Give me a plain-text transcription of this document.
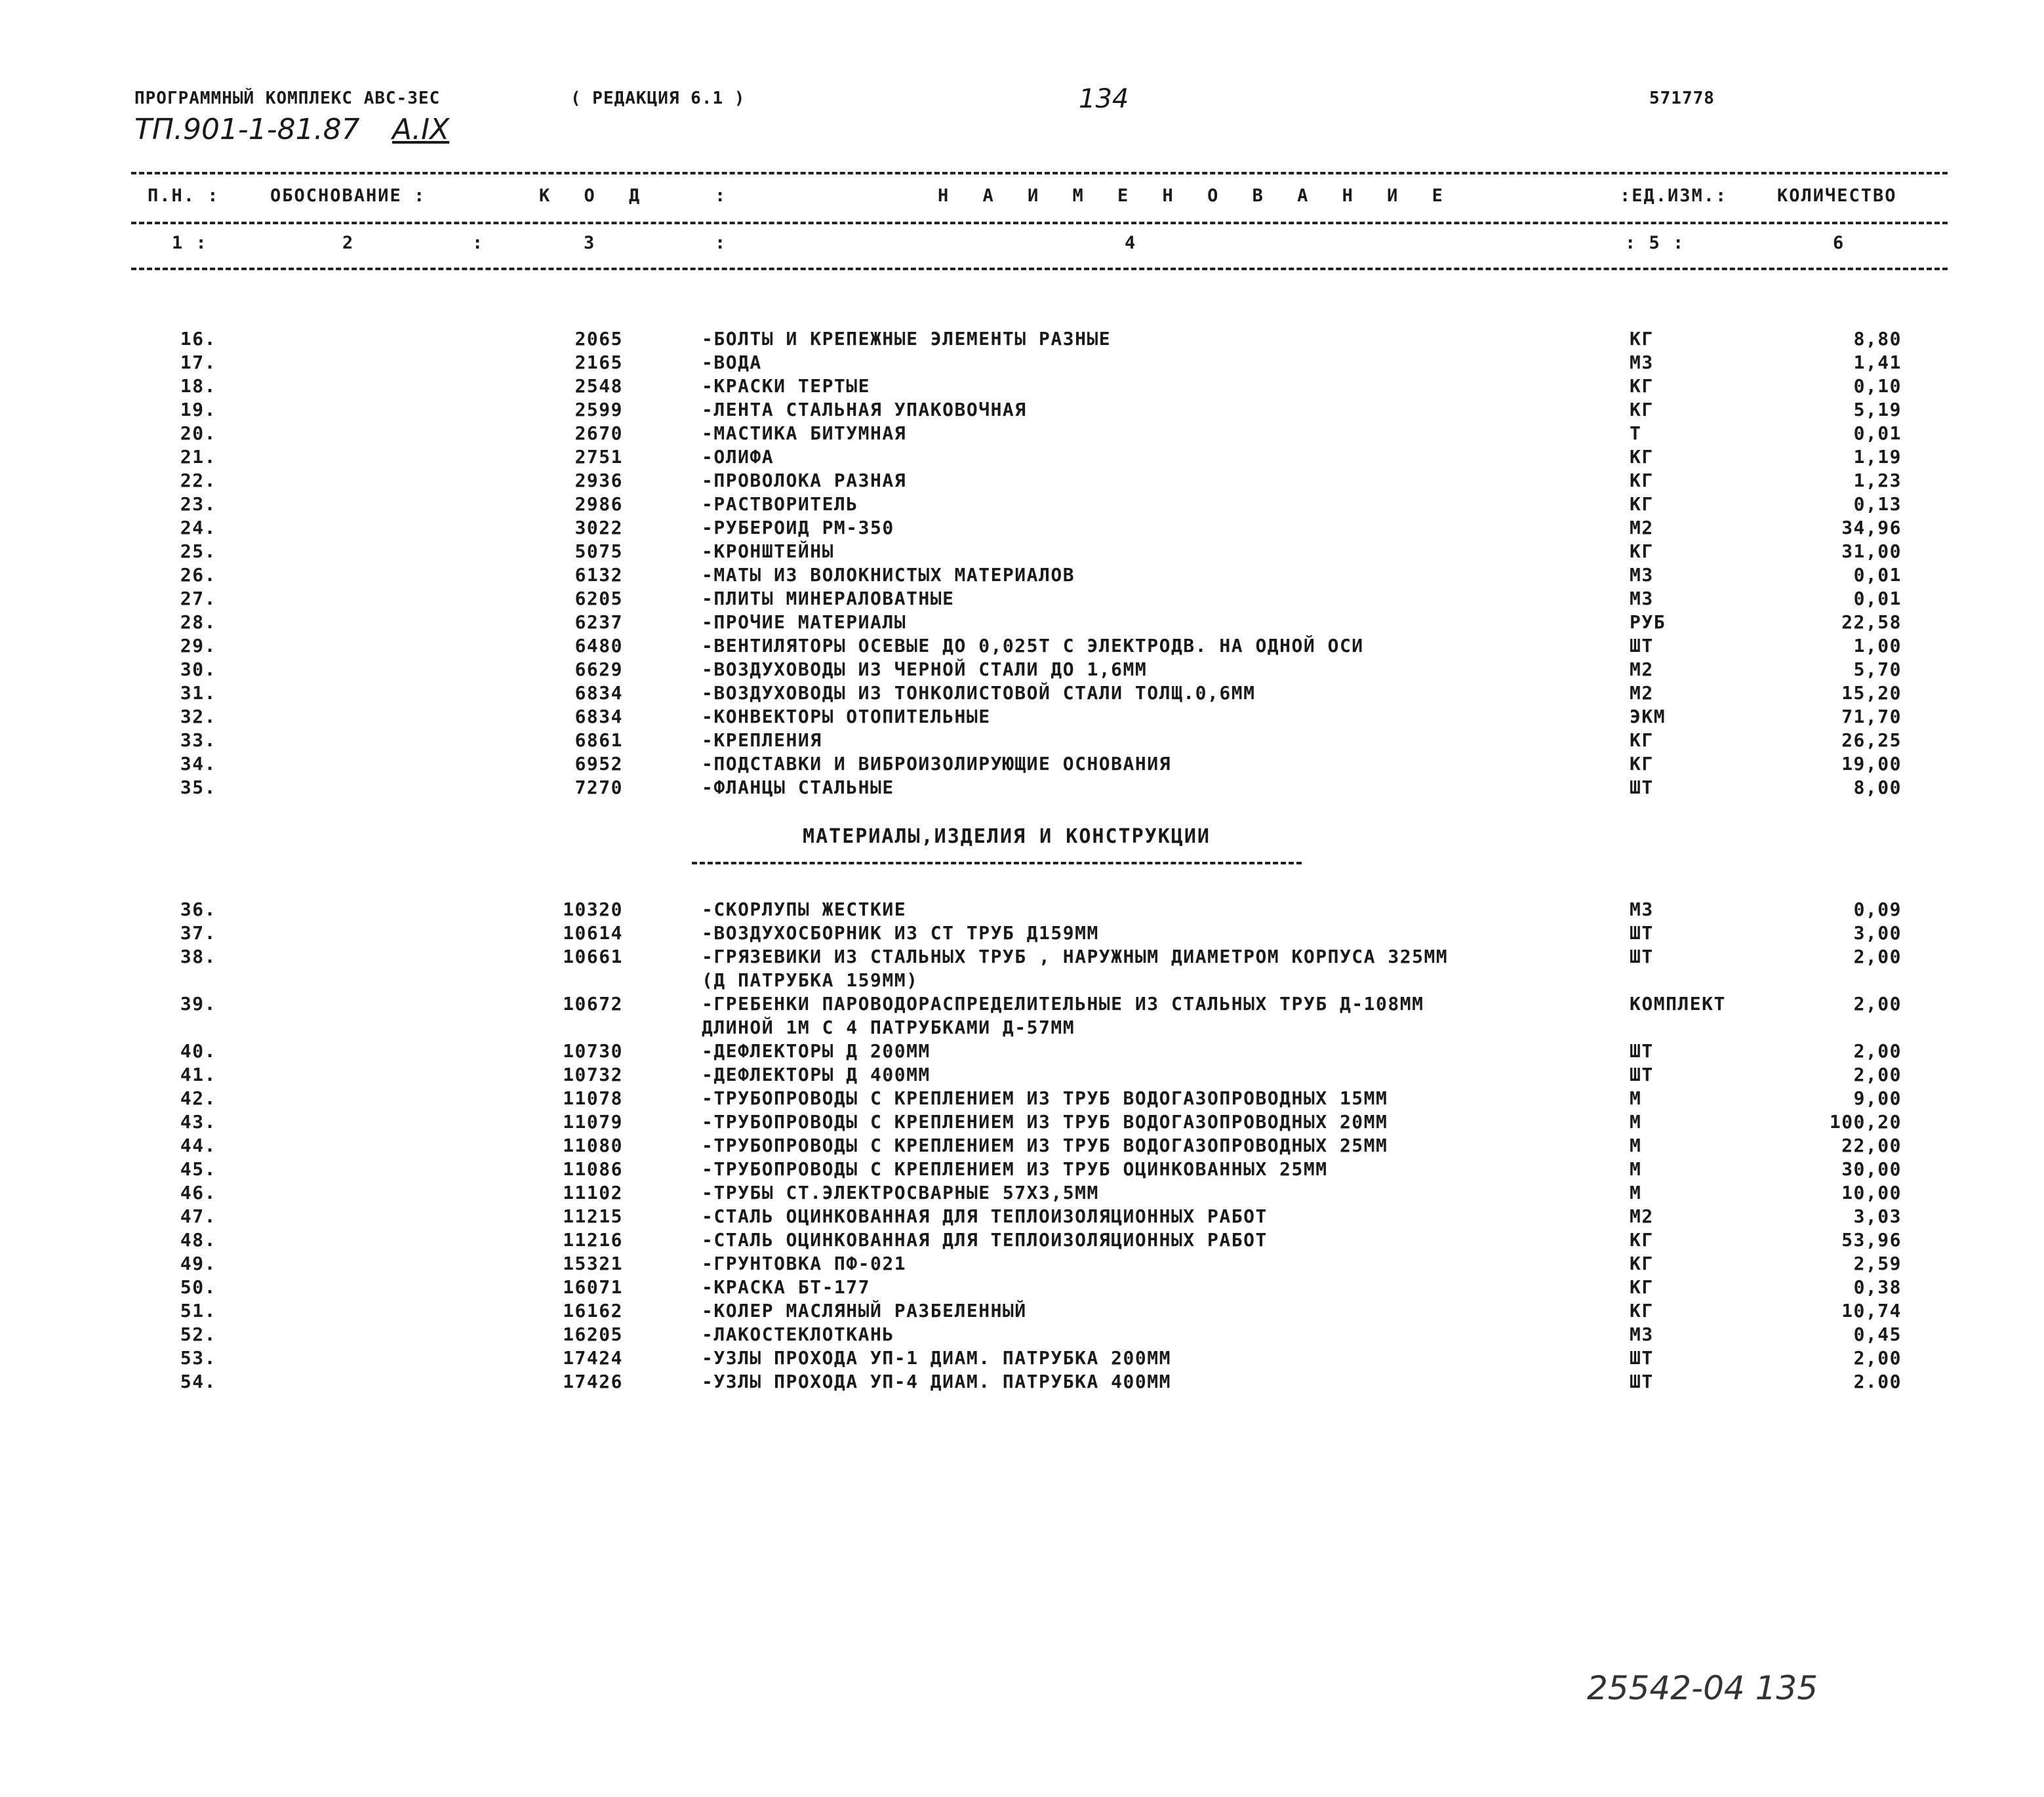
ПРОГРАММНЫЙ КОМПЛЕКС АВС-ЗЕС	( РЕДАКЦИЯ 6.1 )	134	571778
ТП.901-1-81.87 А.IX
П.Н. :	ОБОСНОВАНИЕ :	К О Д	:	Н А И М Е Н О В А Н И Е	:ЕД.ИЗМ.:	КОЛИЧЕСТВО
1 :	2	:	3	:	4	: 5 :	6
16.	2065	-БОЛТЫ И КРЕПЕЖНЫЕ ЭЛЕМЕНТЫ РАЗНЫЕ	КГ	8,80
17.	2165	-ВОДА	М3	1,41
18.	2548	-КРАСКИ ТЕРТЫЕ	КГ	0,10
19.	2599	-ЛЕНТА СТАЛЬНАЯ УПАКОВОЧНАЯ	КГ	5,19
20.	2670	-МАСТИКА БИТУМНАЯ	Т	0,01
21.	2751	-ОЛИФА	КГ	1,19
22.	2936	-ПРОВОЛОКА РАЗНАЯ	КГ	1,23
23.	2986	-РАСТВОРИТЕЛЬ	КГ	0,13
24.	3022	-РУБЕРОИД РМ-350	М2	34,96
25.	5075	-КРОНШТЕЙНЫ	КГ	31,00
26.	6132	-МАТЫ ИЗ ВОЛОКНИСТЫХ МАТЕРИАЛОВ	М3	0,01
27.	6205	-ПЛИТЫ МИНЕРАЛОВАТНЫЕ	М3	0,01
28.	6237	-ПРОЧИЕ МАТЕРИАЛЫ	РУБ	22,58
29.	6480	-ВЕНТИЛЯТОРЫ ОСЕВЫЕ ДО 0,025Т С ЭЛЕКТРОДВ. НА ОДНОЙ ОСИ	ШТ	1,00
30.	6629	-ВОЗДУХОВОДЫ ИЗ ЧЕРНОЙ СТАЛИ ДО 1,6ММ	М2	5,70
31.	6834	-ВОЗДУХОВОДЫ ИЗ ТОНКОЛИСТОВОЙ СТАЛИ ТОЛЩ.0,6ММ	М2	15,20
32.	6834	-КОНВЕКТОРЫ ОТОПИТЕЛЬНЫЕ	ЭКМ	71,70
33.	6861	-КРЕПЛЕНИЯ	КГ	26,25
34.	6952	-ПОДСТАВКИ И ВИБРОИЗОЛИРУЮЩИЕ ОСНОВАНИЯ	КГ	19,00
35.	7270	-ФЛАНЦЫ СТАЛЬНЫЕ	ШТ	8,00
МАТЕРИАЛЫ,ИЗДЕЛИЯ И КОНСТРУКЦИИ
36.	10320	-СКОРЛУПЫ ЖЕСТКИЕ	М3	0,09
37.	10614	-ВОЗДУХОСБОРНИК ИЗ СТ ТРУБ Д159ММ	ШТ	3,00
38.	10661	-ГРЯЗЕВИКИ ИЗ СТАЛЬНЫХ ТРУБ , НАРУЖНЫМ ДИАМЕТРОМ КОРПУСА 325ММ	ШТ	2,00
(Д ПАТРУБКА 159ММ)
39.	10672	-ГРЕБЕНКИ ПАРОВОДОРАСПРЕДЕЛИТЕЛЬНЫЕ ИЗ СТАЛЬНЫХ ТРУБ Д-108ММ	КОМПЛЕКТ	2,00
ДЛИНОЙ 1М С 4 ПАТРУБКАМИ Д-57ММ
40.	10730	-ДЕФЛЕКТОРЫ Д 200ММ	ШТ	2,00
41.	10732	-ДЕФЛЕКТОРЫ Д 400ММ	ШТ	2,00
42.	11078	-ТРУБОПРОВОДЫ С КРЕПЛЕНИЕМ ИЗ ТРУБ ВОДОГАЗОПРОВОДНЫХ 15ММ	М	9,00
43.	11079	-ТРУБОПРОВОДЫ С КРЕПЛЕНИЕМ ИЗ ТРУБ ВОДОГАЗОПРОВОДНЫХ 20ММ	М	100,20
44.	11080	-ТРУБОПРОВОДЫ С КРЕПЛЕНИЕМ ИЗ ТРУБ ВОДОГАЗОПРОВОДНЫХ 25ММ	М	22,00
45.	11086	-ТРУБОПРОВОДЫ С КРЕПЛЕНИЕМ ИЗ ТРУБ ОЦИНКОВАННЫХ 25ММ	М	30,00
46.	11102	-ТРУБЫ СТ.ЭЛЕКТРОСВАРНЫЕ 57Х3,5ММ	М	10,00
47.	11215	-СТАЛЬ ОЦИНКОВАННАЯ ДЛЯ ТЕПЛОИЗОЛЯЦИОННЫХ РАБОТ	М2	3,03
48.	11216	-СТАЛЬ ОЦИНКОВАННАЯ ДЛЯ ТЕПЛОИЗОЛЯЦИОННЫХ РАБОТ	КГ	53,96
49.	15321	-ГРУНТОВКА ПФ-021	КГ	2,59
50.	16071	-КРАСКА БТ-177	КГ	0,38
51.	16162	-КОЛЕР МАСЛЯНЫЙ РАЗБЕЛЕННЫЙ	КГ	10,74
52.	16205	-ЛАКОСТЕКЛОТКАНЬ	М3	0,45
53.	17424	-УЗЛЫ ПРОХОДА УП-1 ДИАМ. ПАТРУБКА 200ММ	ШТ	2,00
54.	17426	-УЗЛЫ ПРОХОДА УП-4 ДИАМ. ПАТРУБКА 400ММ	ШТ	2.00
25542-04 135
